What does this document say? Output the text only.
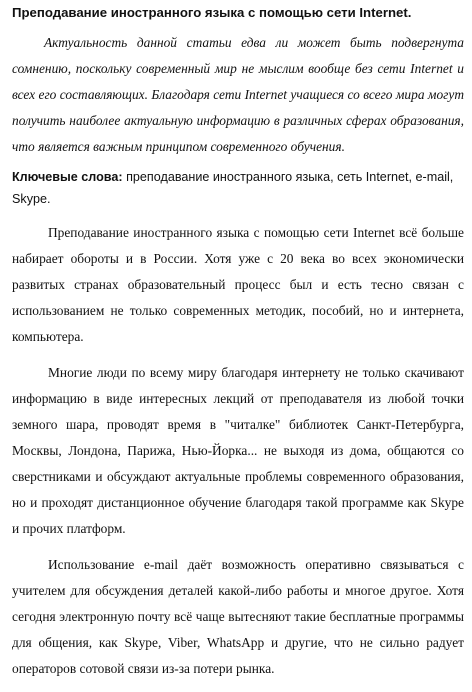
Преподавание иностранного языка с помощью сети Internet.

Актуальность данной статьи едва ли может быть подвергнута сомнению, поскольку современный мир не мыслим вообще без сети Internet и всех его составляющих. Благодаря сети Internet учащиеся со всего мира могут получить наиболее актуальную информацию в различных сферах образования, что является важным принципом современного обучения.

Ключевые слова: преподавание иностранного языка, сеть Internet, e-mail, Skype.

Преподавание иностранного языка с помощью сети Internet всё больше набирает обороты и в России. Хотя уже с 20 века во всех экономически развитых странах образовательный процесс был и есть тесно связан с использованием не только современных методик, пособий, но и интернета, компьютера.

Многие люди по всему миру благодаря интернету не только скачивают информацию в виде интересных лекций от преподавателя из любой точки земного шара, проводят время в "читалке" библиотек Санкт-Петербурга, Москвы, Лондона, Парижа, Нью-Йорка... не выходя из дома, общаются со сверстниками и обсуждают актуальные проблемы современного образования, но и проходят дистанционное обучение благодаря такой программе как Skype и прочих платформ.

Использование e-mail даёт возможность оперативно связываться с учителем для обсуждения деталей какой-либо работы и многое другое. Хотя сегодня электронную почту всё чаще вытесняют такие бесплатные программы для общения, как Skype, Viber, WhatsApp и другие, что не сильно радует операторов сотовой связи из-за потери рынка.
